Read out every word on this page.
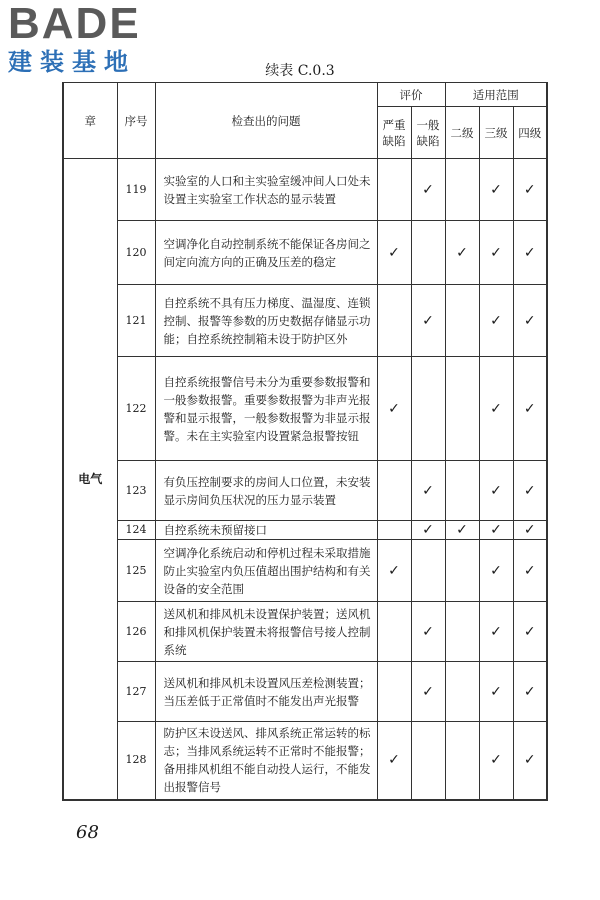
BADE
建装基地	续表 C.0.3
章	序号	检查出的问题	评价		适用范围		
			严重缺陷	一般缺陷	二级	三级	四级
电气	119	实验室的人口和主实验室缓冲间人口处未设置主实验室工作状态的显示装置		✓		✓	✓
	120	空调净化自动控制系统不能保证各房间之间定向流方向的正确及压差的稳定	✓		✓	✓	✓
	121	自控系统不具有压力梯度、温湿度、连锁控制、报警等参数的历史数据存储显示功能；自控系统控制箱未设于防护区外		✓		✓	✓
	122	自控系统报警信号未分为重要参数报警和一般参数报警。重要参数报警为非声光报警和显示报警，一般参数报警为非显示报警。未在主实验室内设置紧急报警按钮	✓			✓	✓
	123	有负压控制要求的房间人口位置，未安装显示房间负压状况的压力显示装置		✓		✓	✓
	124	自控系统未预留接口		✓	✓	✓	✓
	125	空调净化系统启动和停机过程未采取措施防止实验室内负压值超出围护结构和有关设备的安全范围	✓			✓	✓
	126	送风机和排风机未设置保护装置；送风机和排风机保护装置未将报警信号接人控制系统		✓		✓	✓
	127	送风机和排风机未设置风压差检测装置；当压差低于正常值时不能发出声光报警		✓		✓	✓
	128	防护区未设送风、排风系统正常运转的标志；当排风系统运转不正常时不能报警；备用排风机组不能自动投人运行，不能发出报警信号	✓			✓	✓
68
